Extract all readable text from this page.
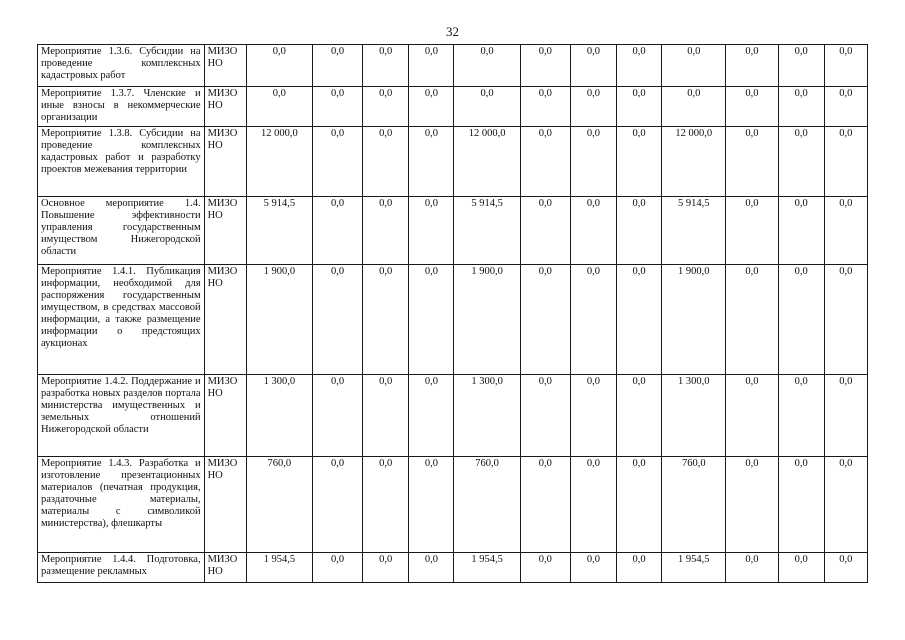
32
Мероприятие 1.3.6. Субсидии на проведение комплексных кадастровых работ	МИЗО НО	0,0	0,0	0,0	0,0	0,0	0,0	0,0	0,0	0,0	0,0	0,0	0,0
Мероприятие 1.3.7. Членские и иные взносы в некоммерческие организации	МИЗО НО	0,0	0,0	0,0	0,0	0,0	0,0	0,0	0,0	0,0	0,0	0,0	0,0
Мероприятие 1.3.8. Субсидии на проведение комплексных кадастровых работ и разработку проектов межевания территории	МИЗО НО	12 000,0	0,0	0,0	0,0	12 000,0	0,0	0,0	0,0	12 000,0	0,0	0,0	0,0
Основное мероприятие 1.4. Повышение эффективности управления государственным имуществом Нижегородской области	МИЗО НО	5 914,5	0,0	0,0	0,0	5 914,5	0,0	0,0	0,0	5 914,5	0,0	0,0	0,0
Мероприятие 1.4.1. Публикация информации, необходимой для распоряжения государственным имуществом, в средствах массовой информации, а также размещение информации о предстоящих аукционах	МИЗО НО	1 900,0	0,0	0,0	0,0	1 900,0	0,0	0,0	0,0	1 900,0	0,0	0,0	0,0
Мероприятие 1.4.2. Поддержание и разработка новых разделов портала министерства имущественных и земельных отношений Нижегородской области	МИЗО НО	1 300,0	0,0	0,0	0,0	1 300,0	0,0	0,0	0,0	1 300,0	0,0	0,0	0,0
Мероприятие 1.4.3. Разработка и изготовление презентационных материалов (печатная продукция, раздаточные материалы, материалы с символикой министерства), флешкарты	МИЗО НО	760,0	0,0	0,0	0,0	760,0	0,0	0,0	0,0	760,0	0,0	0,0	0,0
Мероприятие 1.4.4. Подготовка, размещение рекламных	МИЗО НО	1 954,5	0,0	0,0	0,0	1 954,5	0,0	0,0	0,0	1 954,5	0,0	0,0	0,0
